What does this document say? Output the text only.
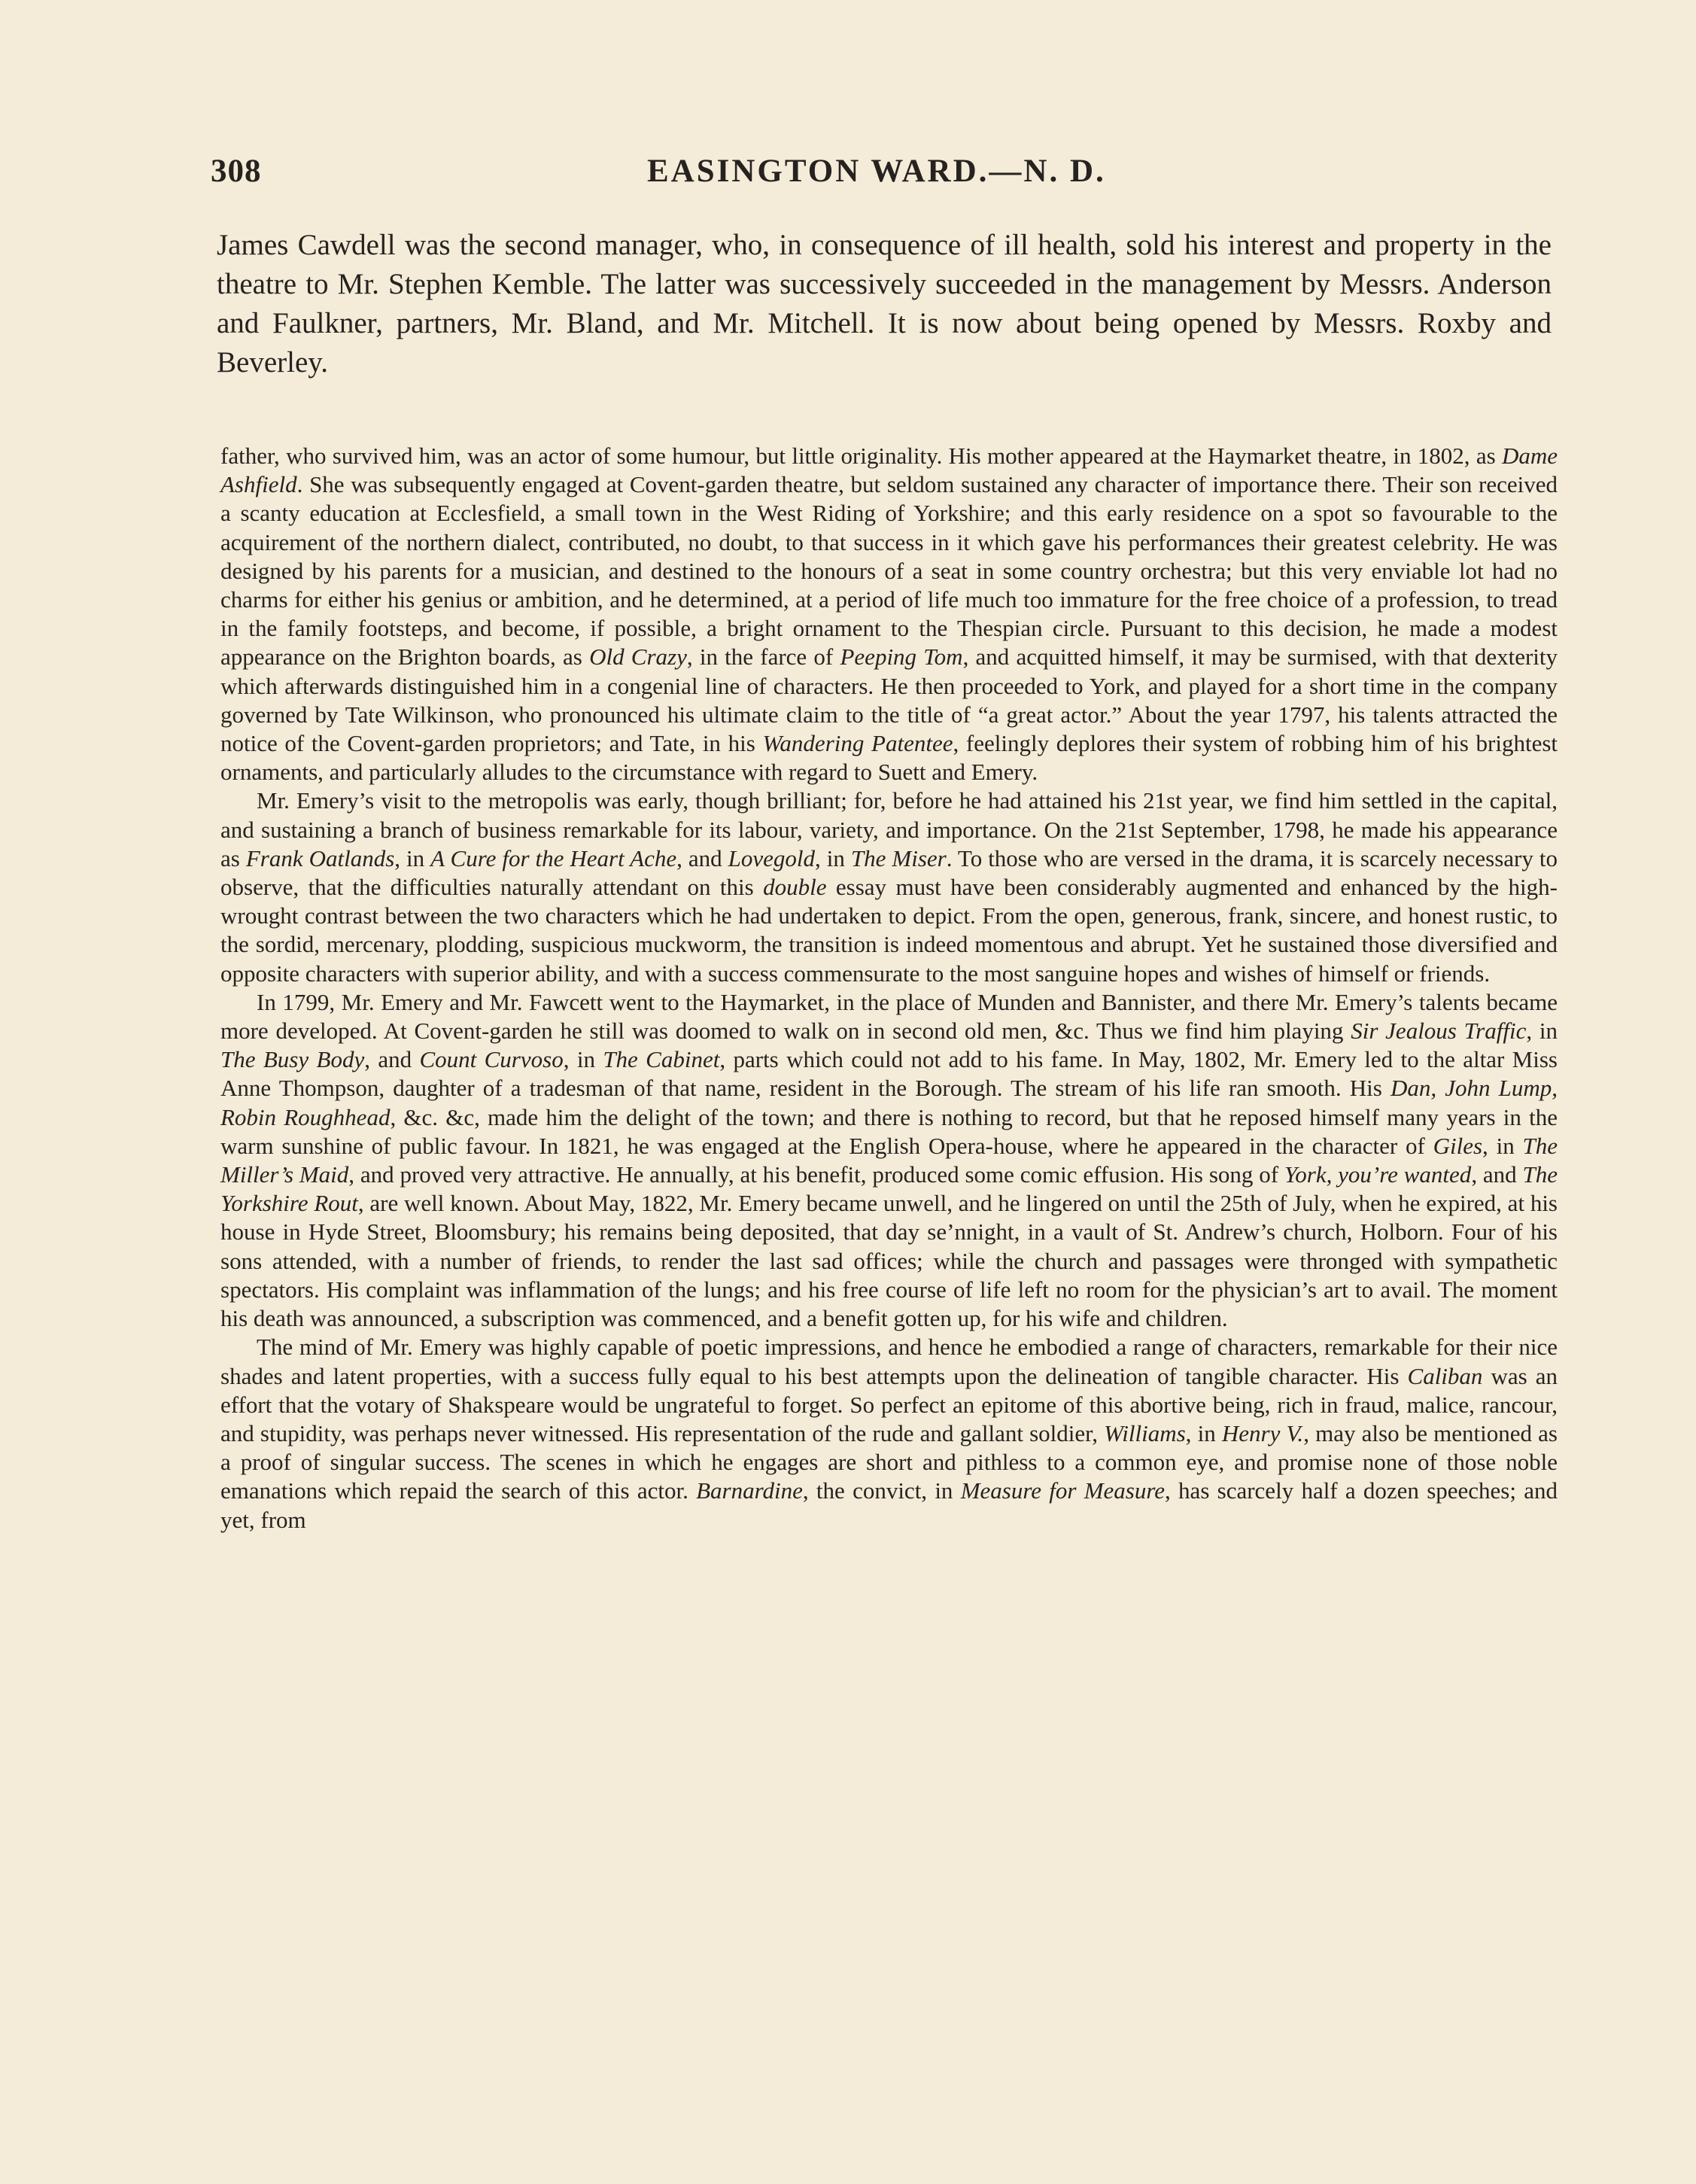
308	EASINGTON WARD.—N. D.

James Cawdell was the second manager, who, in consequence of ill health, sold his interest and property in the theatre to Mr. Stephen Kemble. The latter was successively succeeded in the management by Messrs. Anderson and Faulkner, partners, Mr. Bland, and Mr. Mitchell. It is now about being opened by Messrs. Roxby and Beverley.

father, who survived him, was an actor of some humour, but little originality. His mother appeared at the Haymarket theatre, in 1802, as Dame Ashfield. She was subsequently engaged at Covent-garden theatre, but seldom sustained any character of importance there. Their son received a scanty education at Ecclesfield, a small town in the West Riding of Yorkshire; and this early residence on a spot so favourable to the acquirement of the northern dialect, contributed, no doubt, to that success in it which gave his performances their greatest celebrity. He was designed by his parents for a musician, and destined to the honours of a seat in some country orchestra; but this very enviable lot had no charms for either his genius or ambition, and he determined, at a period of life much too immature for the free choice of a profession, to tread in the family footsteps, and become, if possible, a bright ornament to the Thespian circle. Pursuant to this decision, he made a modest appearance on the Brighton boards, as Old Crazy, in the farce of Peeping Tom, and acquitted himself, it may be surmised, with that dexterity which afterwards distinguished him in a congenial line of characters. He then proceeded to York, and played for a short time in the company governed by Tate Wilkinson, who pronounced his ultimate claim to the title of “a great actor.” About the year 1797, his talents attracted the notice of the Covent-garden proprietors; and Tate, in his Wandering Patentee, feelingly deplores their system of robbing him of his brightest ornaments, and particularly alludes to the circumstance with regard to Suett and Emery.

Mr. Emery’s visit to the metropolis was early, though brilliant; for, before he had attained his 21st year, we find him settled in the capital, and sustaining a branch of business remarkable for its labour, variety, and importance. On the 21st September, 1798, he made his appearance as Frank Oatlands, in A Cure for the Heart Ache, and Lovegold, in The Miser. To those who are versed in the drama, it is scarcely necessary to observe, that the difficulties naturally attendant on this double essay must have been considerably augmented and enhanced by the high-wrought contrast between the two characters which he had undertaken to depict. From the open, generous, frank, sincere, and honest rustic, to the sordid, mercenary, plodding, suspicious muckworm, the transition is indeed momentous and abrupt. Yet he sustained those diversified and opposite characters with superior ability, and with a success commensurate to the most sanguine hopes and wishes of himself or friends.

In 1799, Mr. Emery and Mr. Fawcett went to the Haymarket, in the place of Munden and Bannister, and there Mr. Emery’s talents became more developed. At Covent-garden he still was doomed to walk on in second old men, &c. Thus we find him playing Sir Jealous Traffic, in The Busy Body, and Count Curvoso, in The Cabinet, parts which could not add to his fame. In May, 1802, Mr. Emery led to the altar Miss Anne Thompson, daughter of a tradesman of that name, resident in the Borough. The stream of his life ran smooth. His Dan, John Lump, Robin Roughhead, &c. &c, made him the delight of the town; and there is nothing to record, but that he reposed himself many years in the warm sunshine of public favour. In 1821, he was engaged at the English Opera-house, where he appeared in the character of Giles, in The Miller’s Maid, and proved very attractive. He annually, at his benefit, produced some comic effusion. His song of York, you’re wanted, and The Yorkshire Rout, are well known. About May, 1822, Mr. Emery became unwell, and he lingered on until the 25th of July, when he expired, at his house in Hyde Street, Bloomsbury; his remains being deposited, that day se’nnight, in a vault of St. Andrew’s church, Holborn. Four of his sons attended, with a number of friends, to render the last sad offices; while the church and passages were thronged with sympathetic spectators. His complaint was inflammation of the lungs; and his free course of life left no room for the physician’s art to avail. The moment his death was announced, a subscription was commenced, and a benefit gotten up, for his wife and children.

The mind of Mr. Emery was highly capable of poetic impressions, and hence he embodied a range of characters, remarkable for their nice shades and latent properties, with a success fully equal to his best attempts upon the delineation of tangible character. His Caliban was an effort that the votary of Shakspeare would be ungrateful to forget. So perfect an epitome of this abortive being, rich in fraud, malice, rancour, and stupidity, was perhaps never witnessed. His representation of the rude and gallant soldier, Williams, in Henry V., may also be mentioned as a proof of singular success. The scenes in which he engages are short and pithless to a common eye, and promise none of those noble emanations which repaid the search of this actor. Barnardine, the convict, in Measure for Measure, has scarcely half a dozen speeches; and yet, from
